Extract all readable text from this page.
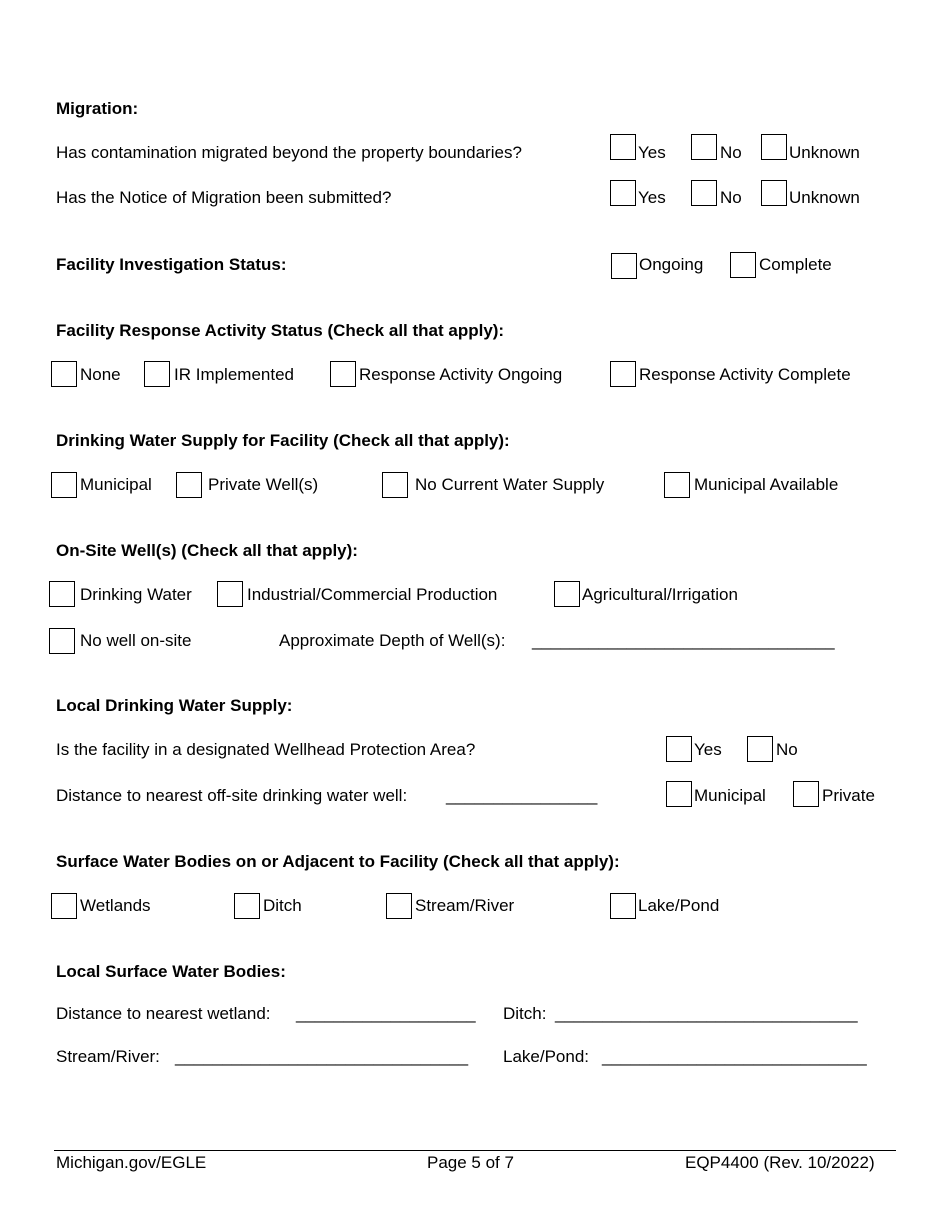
Migration:
Has contamination migrated beyond the property boundaries?	Yes	No	Unknown
Has the Notice of Migration been submitted?	Yes	No	Unknown
Facility Investigation Status:	Ongoing	Complete
Facility Response Activity Status (Check all that apply):
None	IR Implemented	Response Activity Ongoing	Response Activity Complete
Drinking Water Supply for Facility (Check all that apply):
Municipal	Private Well(s)	No Current Water Supply	Municipal Available
On-Site Well(s) (Check all that apply):
Drinking Water	Industrial/Commercial Production	Agricultural/Irrigation
No well on-site	Approximate Depth of Well(s): ________________________________
Local Drinking Water Supply:
Is the facility in a designated Wellhead Protection Area?	Yes	No
Distance to nearest off-site drinking water well: ________________	Municipal	Private
Surface Water Bodies on or Adjacent to Facility (Check all that apply):
Wetlands	Ditch	Stream/River	Lake/Pond
Local Surface Water Bodies:
Distance to nearest wetland: ___________________ Ditch: ________________________________
Stream/River: _______________________________ Lake/Pond: ____________________________
Michigan.gov/EGLE	Page 5 of 7	EQP4400 (Rev. 10/2022)
